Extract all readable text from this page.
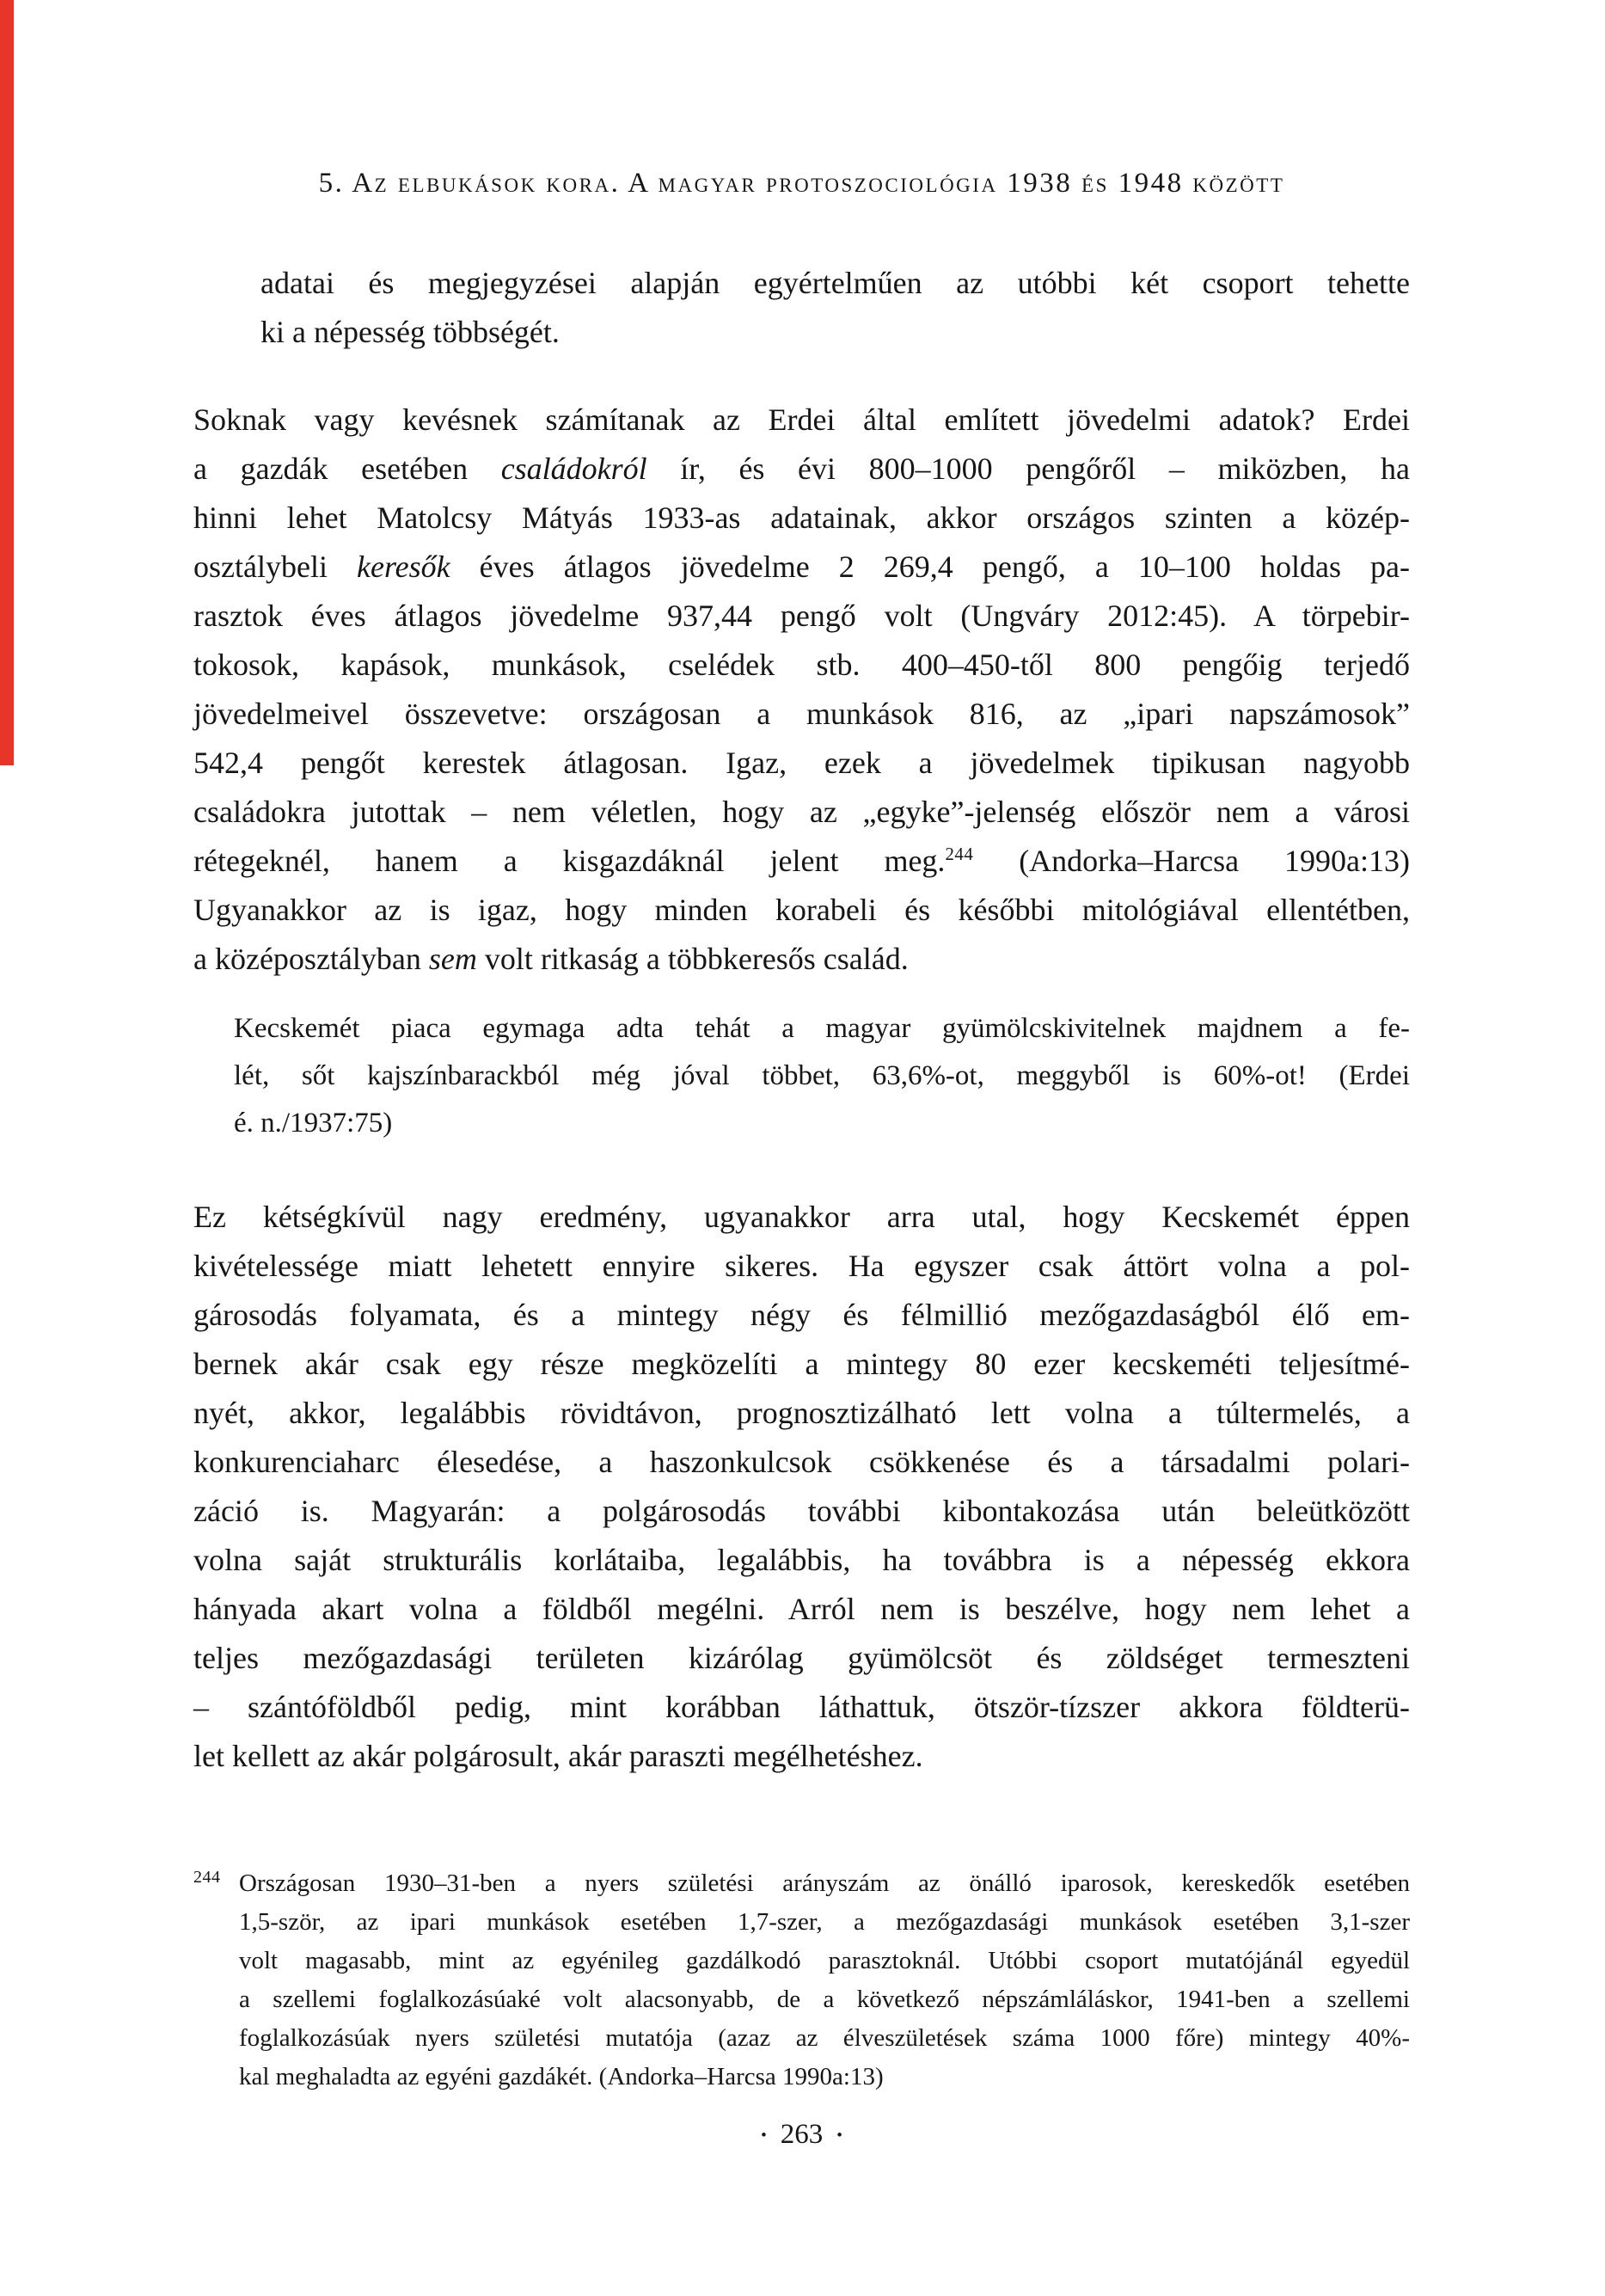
5. Az elbukások kora. A magyar protoszociológia 1938 és 1948 között
adatai és megjegyzései alapján egyértelműen az utóbbi két csoport tehette
ki a népesség többségét.
Soknak vagy kevésnek számítanak az Erdei által említett jövedelmi adatok? Erdei
a gazdák esetében családokról ír, és évi 800–1000 pengőről – miközben, ha
hinni lehet Matolcsy Mátyás 1933-as adatainak, akkor országos szinten a közép-
osztálybeli keresők éves átlagos jövedelme 2 269,4 pengő, a 10–100 holdas pa-
rasztok éves átlagos jövedelme 937,44 pengő volt (Ungváry 2012:45). A törpebir-
tokosok, kapások, munkások, cselédek stb. 400–450-től 800 pengőig terjedő
jövedelmeivel összevetve: országosan a munkások 816, az „ipari napszámosok”
542,4 pengőt kerestek átlagosan. Igaz, ezek a jövedelmek tipikusan nagyobb
családokra jutottak – nem véletlen, hogy az „egyke”-jelenség először nem a városi
rétegeknél, hanem a kisgazdáknál jelent meg.$^{244}$ (Andorka–Harcsa 1990a:13)
Ugyanakkor az is igaz, hogy minden korabeli és későbbi mitológiával ellentétben,
a középosztályban sem volt ritkaság a többkeresős család.
Kecskemét piaca egymaga adta tehát a magyar gyümölcskivitelnek majdnem a fe-
lét, sőt kajszínbarackból még jóval többet, 63,6%-ot, meggyből is 60%-ot! (Erdei
é. n./1937:75)
Ez kétségkívül nagy eredmény, ugyanakkor arra utal, hogy Kecskemét éppen
kivételessége miatt lehetett ennyire sikeres. Ha egyszer csak áttört volna a pol-
gárosodás folyamata, és a mintegy négy és félmillió mezőgazdaságból élő em-
bernek akár csak egy része megközelíti a mintegy 80 ezer kecskeméti teljesítmé-
nyét, akkor, legalábbis rövidtávon, prognosztizálható lett volna a túltermelés, a
konkurenciaharc élesedése, a haszonkulcsok csökkenése és a társadalmi polari-
záció is. Magyarán: a polgárosodás további kibontakozása után beleütközött
volna saját strukturális korlátaiba, legalábbis, ha továbbra is a népesség ekkora
hányada akart volna a földből megélni. Arról nem is beszélve, hogy nem lehet a
teljes mezőgazdasági területen kizárólag gyümölcsöt és zöldséget termeszteni
– szántóföldből pedig, mint korábban láthattuk, ötször-tízszer akkora földterü-
let kellett az akár polgárosult, akár paraszti megélhetéshez.
244 Országosan 1930–31-ben a nyers születési arányszám az önálló iparosok, kereskedők esetében
1,5-ször, az ipari munkások esetében 1,7-szer, a mezőgazdasági munkások esetében 3,1-szer
volt magasabb, mint az egyénileg gazdálkodó parasztoknál. Utóbbi csoport mutatójánál egyedül
a szellemi foglalkozásúaké volt alacsonyabb, de a következő népszámláláskor, 1941-ben a szellemi
foglalkozásúak nyers születési mutatója (azaz az élveszületések száma 1000 főre) mintegy 40%-
kal meghaladta az egyéni gazdákét. (Andorka–Harcsa 1990a:13)
• 263 •
